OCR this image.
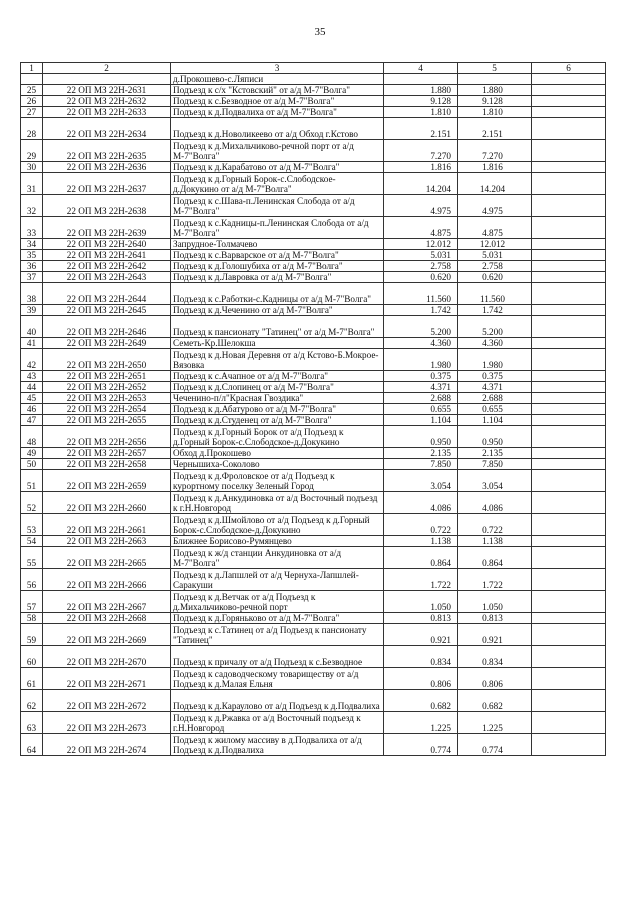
35
1	2	3	4	5	6
		д.Прокошево-с.Ляписи			
25	22 ОП МЗ 22Н-2631	Подъезд к с/х "Кстовский" от а/д М-7"Волга"	1.880	1.880	
26	22 ОП МЗ 22Н-2632	Подъезд к с.Безводное от а/д М-7"Волга"	9.128	9.128	
27	22 ОП МЗ 22Н-2633	Подъезд к д.Подвалиха от а/д М-7"Волга"	1.810	1.810	
28	22 ОП МЗ 22Н-2634	Подъезд к д.Новоликеево от а/д Обход г.Кстово	2.151	2.151	
29	22 ОП МЗ 22Н-2635	Подъезд к д.Михальчиково-речной порт от а/д М-7"Волга"	7.270	7.270	
30	22 ОП МЗ 22Н-2636	Подъезд к д.Карабатово от а/д М-7"Волга"	1.816	1.816	
31	22 ОП МЗ 22Н-2637	Подъезд к д.Горный Борок-с.Слободское-д.Докукино от а/д М-7"Волга"	14.204	14.204	
32	22 ОП МЗ 22Н-2638	Подъезд к с.Шава-п.Ленинская Слобода от а/д М-7"Волга"	4.975	4.975	
33	22 ОП МЗ 22Н-2639	Подъезд к с.Кадницы-п.Ленинская Слобода от а/д М-7"Волга"	4.875	4.875	
34	22 ОП МЗ 22Н-2640	Запрудное-Толмачево	12.012	12.012	
35	22 ОП МЗ 22Н-2641	Подъезд к с.Варварское от а/д М-7"Волга"	5.031	5.031	
36	22 ОП МЗ 22Н-2642	Подъезд к д.Голошубиха от а/д М-7"Волга"	2.758	2.758	
37	22 ОП МЗ 22Н-2643	Подъезд к д.Лавровка от а/д М-7"Волга"	0.620	0.620	
38	22 ОП МЗ 22Н-2644	Подъезд к с.Работки-с.Кадницы от а/д М-7"Волга"	11.560	11.560	
39	22 ОП МЗ 22Н-2645	Подъезд к д.Чеченино от а/д М-7"Волга"	1.742	1.742	
40	22 ОП МЗ 22Н-2646	Подъезд к пансионату "Татинец" от а/д М-7"Волга"	5.200	5.200	
41	22 ОП МЗ 22Н-2649	Семеть-Кр.Шелокша	4.360	4.360	
42	22 ОП МЗ 22Н-2650	Подъезд к д.Новая Деревня от а/д Кстово-Б.Мокрое-Вязовка	1.980	1.980	
43	22 ОП МЗ 22Н-2651	Подъезд к с.Ачапное от а/д М-7"Волга"	0.375	0.375	
44	22 ОП МЗ 22Н-2652	Подъезд к д.Слопинец от а/д М-7"Волга"	4.371	4.371	
45	22 ОП МЗ 22Н-2653	Чеченино-п/л"Красная Гвоздика"	2.688	2.688	
46	22 ОП МЗ 22Н-2654	Подъезд к д.Абатурово от а/д М-7"Волга"	0.655	0.655	
47	22 ОП МЗ 22Н-2655	Подъезд к д.Студенец от а/д М-7"Волга"	1.104	1.104	
48	22 ОП МЗ 22Н-2656	Подъезд к д.Горный Борок от а/д Подъезд к д.Горный Борок-с.Слободское-д.Докукино	0.950	0.950	
49	22 ОП МЗ 22Н-2657	Обход д.Прокошево	2.135	2.135	
50	22 ОП МЗ 22Н-2658	Чернышиха-Соколово	7.850	7.850	
51	22 ОП МЗ 22Н-2659	Подъезд к д.Фроловское от а/д Подъезд к курортному поселку Зеленый Город	3.054	3.054	
52	22 ОП МЗ 22Н-2660	Подъезд к д.Анкудиновка от а/д Восточный подъезд к г.Н.Новгород	4.086	4.086	
53	22 ОП МЗ 22Н-2661	Подъезд к д.Шмойлово от а/д Подъезд к д.Горный Борок-с.Слободское-д.Докукино	0.722	0.722	
54	22 ОП МЗ 22Н-2663	Ближнее Борисово-Румянцево	1.138	1.138	
55	22 ОП МЗ 22Н-2665	Подъезд к ж/д станции Анкудиновка от а/д М-7"Волга"	0.864	0.864	
56	22 ОП МЗ 22Н-2666	Подъезд к д.Лапшлей от а/д Чернуха-Лапшлей-Саракуши	1.722	1.722	
57	22 ОП МЗ 22Н-2667	Подъезд к д.Ветчак от а/д Подъезд к д.Михальчиково-речной порт	1.050	1.050	
58	22 ОП МЗ 22Н-2668	Подъезд к д.Горяньково от а/д М-7"Волга"	0.813	0.813	
59	22 ОП МЗ 22Н-2669	Подъезд к с.Татинец от а/д Подъезд к пансионату "Татинец"	0.921	0.921	
60	22 ОП МЗ 22Н-2670	Подъезд к причалу от а/д Подъезд к с.Безводное	0.834	0.834	
61	22 ОП МЗ 22Н-2671	Подъезд к садоводческому товариществу от а/д Подъезд к д.Малая Ельня	0.806	0.806	
62	22 ОП МЗ 22Н-2672	Подъезд к д.Караулово от а/д Подъезд к д.Подвалиха	0.682	0.682	
63	22 ОП МЗ 22Н-2673	Подъезд к д.Ржавка от а/д Восточный подъезд к г.Н.Новгород	1.225	1.225	
64	22 ОП МЗ 22Н-2674	Подъезд к жилому массиву в д.Подвалиха от а/д Подъезд к д.Подвалиха	0.774	0.774	
